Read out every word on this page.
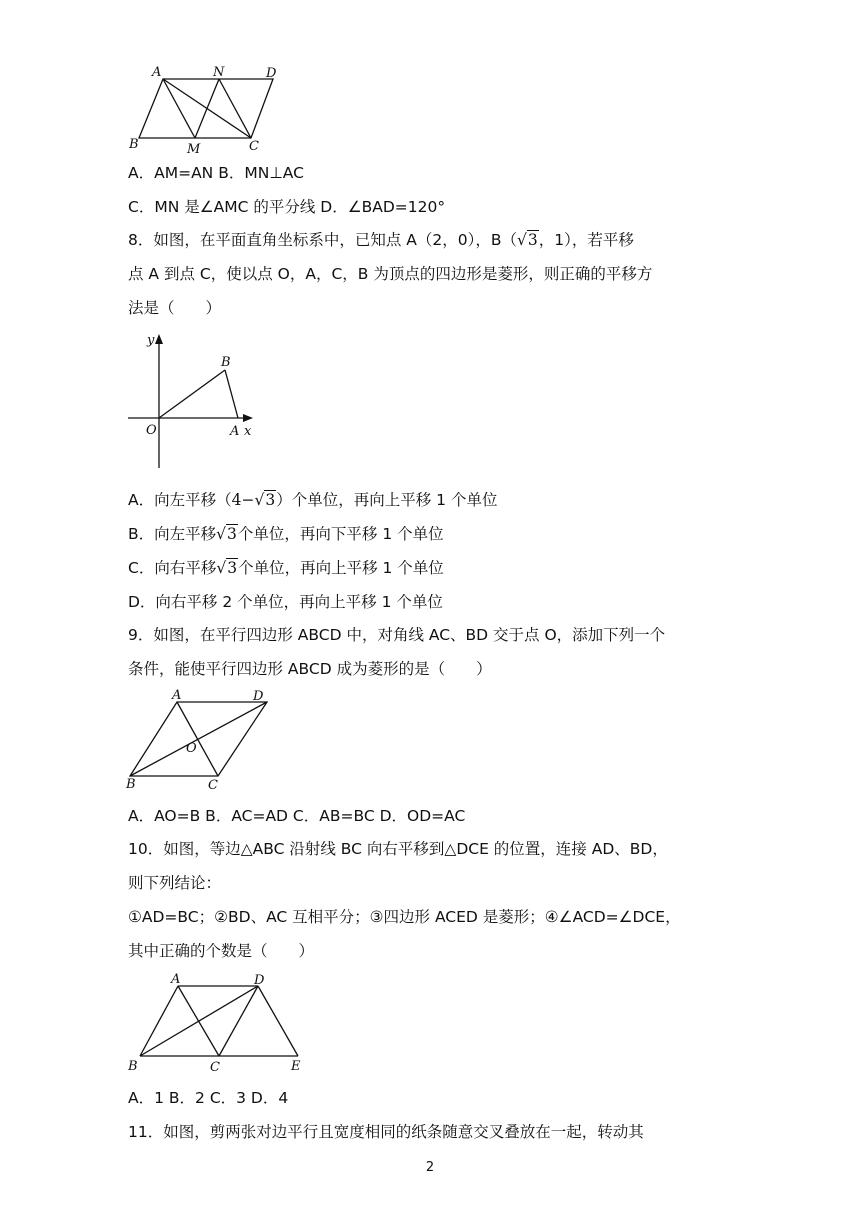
A	N	D
B	M	C
A．AM=AN B．MN⊥AC
C．MN 是∠AMC 的平分线 D．∠BAD=120°
8．如图，在平面直角坐标系中，已知点 A（2，0），B（√3，1），若平移
点 A 到点 C，使以点 O，A，C，B 为顶点的四边形是菱形，则正确的平移方
法是（　　）
y
B
O	A x
A．向左平移（4−√3）个单位，再向上平移 1 个单位
B．向左平移√3个单位，再向下平移 1 个单位
C．向右平移√3个单位，再向上平移 1 个单位
D．向右平移 2 个单位，再向上平移 1 个单位
9．如图，在平行四边形 ABCD 中，对角线 AC、BD 交于点 O，添加下列一个
条件，能使平行四边形 ABCD 成为菱形的是（　　）
A	D
O
B	C
A．AO=B B．AC=AD C．AB=BC D．OD=AC
10．如图，等边△ABC 沿射线 BC 向右平移到△DCE 的位置，连接 AD、BD，
则下列结论：
①AD=BC；②BD、AC 互相平分；③四边形 ACED 是菱形；④∠ACD=∠DCE，
其中正确的个数是（　　）
A	D
B	C	E
A．1 B．2 C．3 D．4
11．如图，剪两张对边平行且宽度相同的纸条随意交叉叠放在一起，转动其
2
